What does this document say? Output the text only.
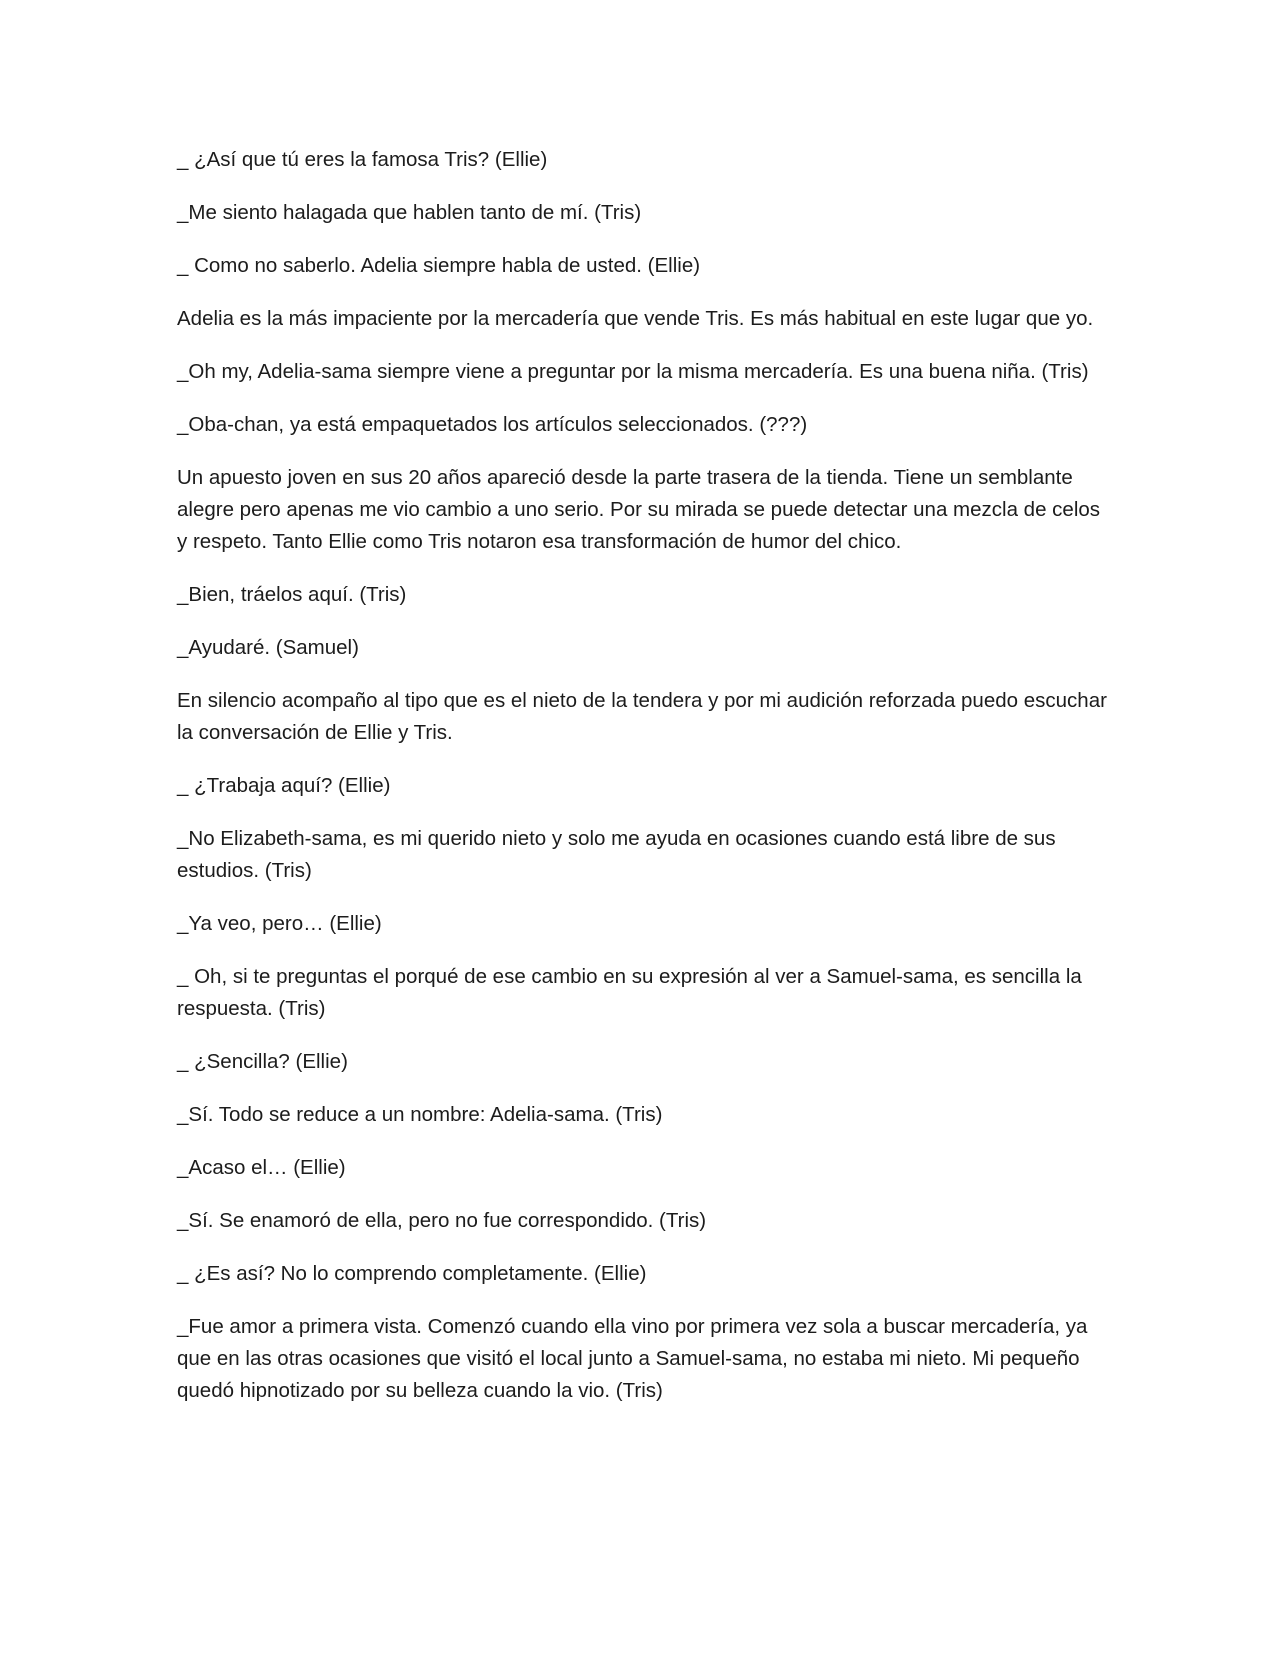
_ ¿Así que tú eres la famosa Tris? (Ellie)

_Me siento halagada que hablen tanto de mí. (Tris)

_ Como no saberlo. Adelia siempre habla de usted. (Ellie)

Adelia es la más impaciente por la mercadería que vende Tris. Es más habitual en este lugar que yo.

_Oh my, Adelia-sama siempre viene a preguntar por la misma mercadería. Es una buena niña. (Tris)

_Oba-chan, ya está empaquetados los artículos seleccionados. (???)

Un apuesto joven en sus 20 años apareció desde la parte trasera de la tienda. Tiene un semblante alegre pero apenas me vio cambio a uno serio. Por su mirada se puede detectar una mezcla de celos y respeto. Tanto Ellie como Tris notaron esa transformación de humor del chico.

_Bien, tráelos aquí. (Tris)

_Ayudaré. (Samuel)

En silencio acompaño al tipo que es el nieto de la tendera y por mi audición reforzada puedo escuchar la conversación de Ellie y Tris.

_ ¿Trabaja aquí? (Ellie)

_No Elizabeth-sama, es mi querido nieto y solo me ayuda en ocasiones cuando está libre de sus estudios. (Tris)

_Ya veo, pero… (Ellie)

_ Oh, si te preguntas el porqué de ese cambio en su expresión al ver a Samuel-sama, es sencilla la respuesta. (Tris)

_ ¿Sencilla? (Ellie)

_Sí. Todo se reduce a un nombre: Adelia-sama. (Tris)

_Acaso el… (Ellie)

_Sí. Se enamoró de ella, pero no fue correspondido. (Tris)

_ ¿Es así? No lo comprendo completamente. (Ellie)

_Fue amor a primera vista. Comenzó cuando ella vino por primera vez sola a buscar mercadería, ya que en las otras ocasiones que visitó el local junto a Samuel-sama, no estaba mi nieto. Mi pequeño quedó hipnotizado por su belleza cuando la vio. (Tris)
